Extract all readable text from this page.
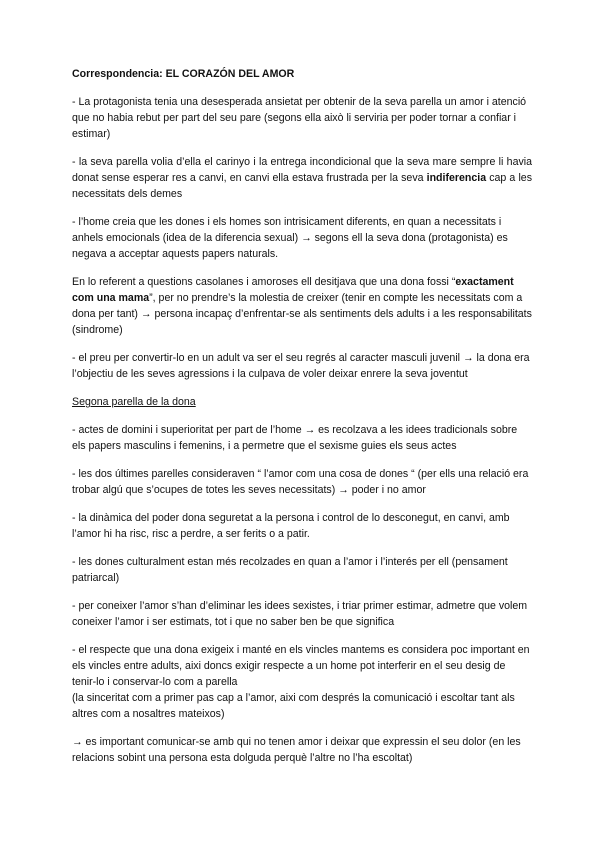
Correspondencia: EL CORAZÓN DEL AMOR

- La protagonista tenia una desesperada ansietat per obtenir de la seva parella un amor i atenció que no habia rebut per part del seu pare (segons ella això li serviria per poder tornar a confiar i estimar)

- la seva parella volia d’ella el carinyo i la entrega incondicional que la seva mare sempre li havia donat sense esperar res a canvi, en canvi ella estava frustrada per la seva indiferencia cap a les necessitats dels demes

- l’home creia que les dones i els homes son intrisicament diferents, en quan a necessitats i anhels emocionals (idea de la diferencia sexual) → segons ell la seva dona (protagonista) es negava a acceptar aquests papers naturals.

En lo referent a questions casolanes i amoroses ell desitjava que una dona fossi “exactament com una mama”, per no prendre’s la molestia de creixer (tenir en compte les necessitats com a dona per tant) → persona incapaç d’enfrentar-se als sentiments dels adults i a les responsabilitats (sindrome)

- el preu per convertir-lo en un adult va ser el seu regrés al caracter masculi juvenil → la dona era l’objectiu de les seves agressions i la culpava de voler deixar enrere la seva joventut

Segona parella de la dona

- actes de domini i superioritat per part de l’home → es recolzava a les idees tradicionals sobre els papers masculins i femenins, i a permetre que el sexisme guies els seus actes

- les dos últimes parelles consideraven “ l’amor com una cosa de dones “ (per ells una relació era trobar algú que s’ocupes de totes les seves necessitats) → poder i no amor

- la dinàmica del poder dona seguretat a la persona i control de lo desconegut, en canvi, amb l’amor hi ha risc, risc a perdre, a ser ferits o a patir.

- les dones culturalment estan més recolzades en quan a l’amor i l’interés per ell (pensament patriarcal)

- per coneixer l’amor s’han d’eliminar les idees sexistes, i triar primer estimar, admetre que volem coneixer l’amor i ser estimats, tot i que no saber ben be que significa

- el respecte que una dona exigeix i manté en els vincles mantems es considera poc important en els vincles entre adults, aixi doncs exigir respecte a un home pot interferir en el seu desig de tenir-lo i conservar-lo com a parella
(la sinceritat com a primer pas cap a l’amor, aixi com després la comunicació i escoltar tant als altres com a nosaltres mateixos)

→ es important comunicar-se amb qui no tenen amor i deixar que expressin el seu dolor (en les relacions sobint una persona esta dolguda perquè l’altre no l’ha escoltat)
